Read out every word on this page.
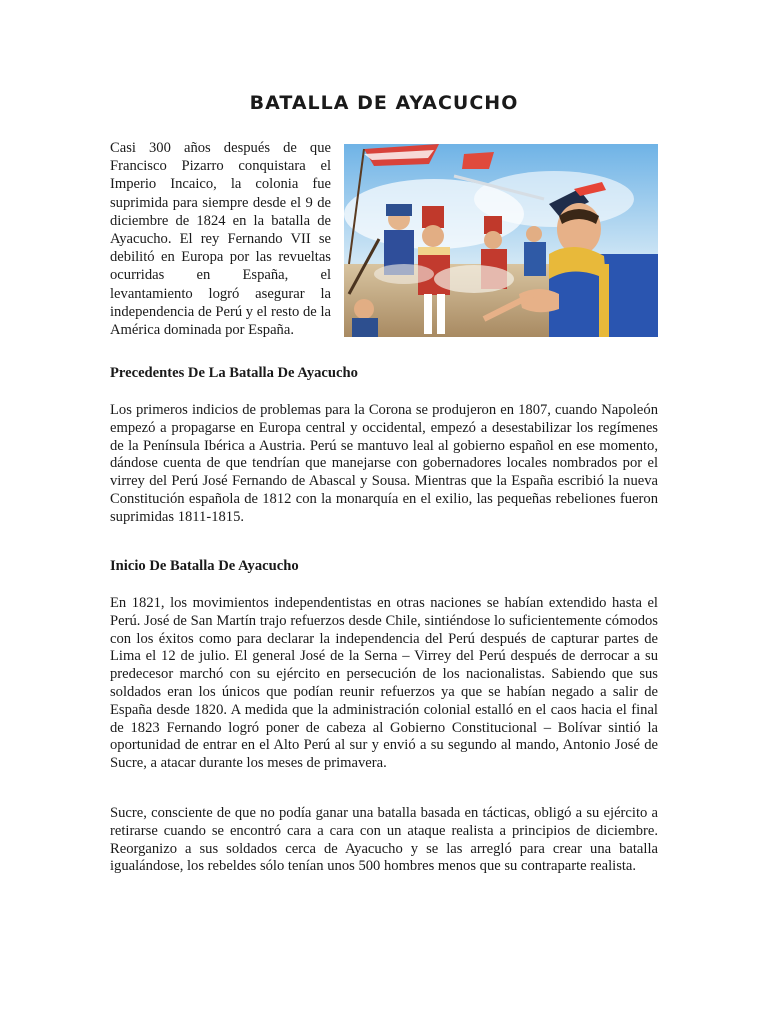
BATALLA DE AYACUCHO

Casi 300 años después de que Francisco Pizarro conquistara el Imperio Incaico, la colonia fue suprimida para siempre desde el 9 de diciembre de 1824 en la batalla de Ayacucho. El rey Fernando VII se debilitó en Europa por las revueltas ocurridas en España, el levantamiento logró asegurar la independencia de Perú y el resto de la América dominada por España.

Precedentes De La Batalla De Ayacucho

Los primeros indicios de problemas para la Corona se produjeron en 1807, cuando Napoleón empezó a propagarse en Europa central y occidental, empezó a desestabilizar los regímenes de la Península Ibérica a Austria. Perú se mantuvo leal al gobierno español en ese momento, dándose cuenta de que tendrían que manejarse con gobernadores locales nombrados por el virrey del Perú José Fernando de Abascal y Sousa. Mientras que la España escribió la nueva Constitución española de 1812 con la monarquía en el exilio, las pequeñas rebeliones fueron suprimidas 1811-1815.

Inicio De Batalla De Ayacucho

En 1821, los movimientos independentistas en otras naciones se habían extendido hasta el Perú. José de San Martín trajo refuerzos desde Chile, sintiéndose lo suficientemente cómodos con los éxitos como para declarar la independencia del Perú después de capturar partes de Lima el 12 de julio. El general José de la Serna – Virrey del Perú después de derrocar a su predecesor marchó con su ejército en persecución de los nacionalistas. Sabiendo que sus soldados eran los únicos que podían reunir refuerzos ya que se habían negado a salir de España desde 1820. A medida que la administración colonial estalló en el caos hacia el final de 1823 Fernando logró poner de cabeza al Gobierno Constitucional – Bolívar sintió la oportunidad de entrar en el Alto Perú al sur y envió a su segundo al mando, Antonio José de Sucre, a atacar durante los meses de primavera.

Sucre, consciente de que no podía ganar una batalla basada en tácticas, obligó a su ejército a retirarse cuando se encontró cara a cara con un ataque realista a principios de diciembre. Reorganizo a sus soldados cerca de Ayacucho y se las arregló para crear una batalla igualándose, los rebeldes sólo tenían unos 500 hombres menos que su contraparte realista.
